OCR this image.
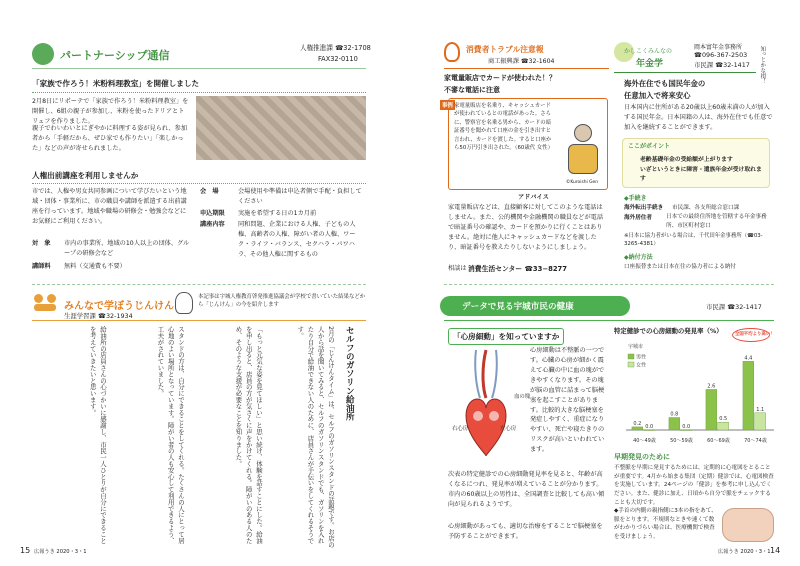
パートナーシップ通信
人権推進課 ☎32-1708
FAX32-0110
「家族で作ろう！米粉料理教室」を開催しました
2月8日にリポーテで「家族で作ろう！米粉料理教室」を開催し、6組の親子が参加し、米粉を使ったドリアとトリュフを作りました。
親子でわいわいとにぎやかに料理する姿が見られ、参加者から「手軽だから、ぜひ家でも作りたい」「楽しかった」などの声が寄せられました。
人権出前講座を利用しませんか
市では、人権や男女共同参画について学びたいという地域・団体・事業所に、市の職員や講師を派遣する出前講座を行っています。地域や職場の研修会・勉強会などにお気軽にご利用ください。
対　象 市内の事業所、地域の10人以上の団体、グループの研修会など
講師料 無料（交通費も不要）
会　場	会場使用や準備は申込者側で手配・負担してください
申込期限 実施を希望する日の1カ月前
講座内容 同和問題、企業における人権、子どもの人権、高齢者の人権、障がい者の人権、ワーク・ライフ・バランス、セクハラ・パワハラ、その他人権に関するもの
みんなで学ぼうじんけん
生涯学習課 ☎32-1934
本記事は宇城人権教育啓発推進協議会が学校で書いていた結果などから「じんけん」の今を紹介します
セルフのガソリン給油所
2月の「じんけんタイム」は、セルフのガソリンスタンドの話題です。お店の人から話を聞いてみると、セルフのガソリンスタンドでも、ガソリンを入れたり自分で給油できない人のために、店員さんが手伝いをしてくれるそうです。
「もっと元気な姿を見てほしい」と思い続け、体験を話すことにした。給油を申し出ると、店員の方が気さくに声をかけてくれる。障がいのある人のため、そのような支援が必要なことを知りました。
スタンドの方は、自分にできることをしてくれる。たくさんの人にとって居心地のよい場所となっています。障がい者の人も安心して利用できるよう、工夫がされていました。
給油所の店員さんの心づかいに感謝し、市民一人ひとりが自分にできることを考えていきたいと思います。
消費者トラブル注意報
商工振興課 ☎32-1604
家電量販店でカードが使われた！？
不審な電話に注意
事例 家電量販店を名乗り、キャッシュカードが使われているとの電話があった。さらに、警察官を名乗る男から、カードの暗証番号を聞かれて口座の金を引き出すと言われ、カードを渡した。すると口座から50万円引き出された。（60歳代 女性）
©Kuroishi Gen
アドバイス
家電量販店などは、直接顧客に対してこのような電話はしません。また、公的機関や金融機関の職員などが電話で暗証番号の確認や、カードを預かりに行くことはありません。絶対に他人にキャッシュカードなどを渡したり、暗証番号を教えたりしないようにしましょう。
相談は 消費生活センター ☎33−8277
かしこくみんなの
年金学
岡本富年金事務所
☎096-367-2503
市民課 ☎32-1417 知っとかな損！
海外在住でも国民年金の
任意加入で将来安心
日本国内に住所がある20歳以上60歳未満の人が加入する国民年金。日本国籍の人は、海外在住でも任意で加入を継続することができます。
ここがポイント
老齢基礎年金の受給額が上がります
いざというときに障害・遺族年金が受け取れます
◆手続き
海外転出手続き 市民課、各支所総合窓口課
海外居住者	日本での最終住所地を管轄する年金事務所、市区町村窓口
※日本に協力者がいる場合は、千代田年金事務所（☎03-3265-4381）
◆納付方法
口座振替または日本在住の協力者による納付
データで見る宇城市民の健康	市民課 ☎32-1417
「心房細動」を知っていますか
血の塊
右心房	左心房
心房細動は不整脈の一つです。心臓の心房が細かく震えて心臓の中に血の塊ができやすくなります。その塊が脳の血管に詰まって脳梗塞を起こすことがあります。比較的大きな脳梗塞を発症しやすく、重症になりやすい、死亡や寝たきりのリスクが高いといわれています。
次表の特定健診での心房細動発見率を見ると、年齢が高くなるにつれ、発見率が増えていることが分かります。市内の60歳以上の男性は、全国調査と比較しても高い傾向が見られるようです。
心房細動があっても、適切な治療をすることで脳梗塞を予防することができます。
特定健診での心房細動の発見率（%）	全国平均より高い！
0.2
0.0
40〜49歳
0.8
0.0
50〜59歳
2.6
0.5
60〜69歳
4.4
1.1
70〜74歳
宇城市
男性
女性
早期発見のために
不整脈を早期に発見するためには、定期的に心電図をとることが重要です。4月から始まる集団（定期）健診では、心電図検査を実施しています。24ページの「健診」を参考に申し込んでください。また、健診に加え、日頃から自分で脈をチェックすることも大切です。
◆手首の内側の親指側に3本の指をあて、脈をとります。不規則なときや速くて数がわかりづらい場合は、医療機関で検査を受けましょう。
15 広報うき 2020・3・1	広報うき 2020・3・1 14
